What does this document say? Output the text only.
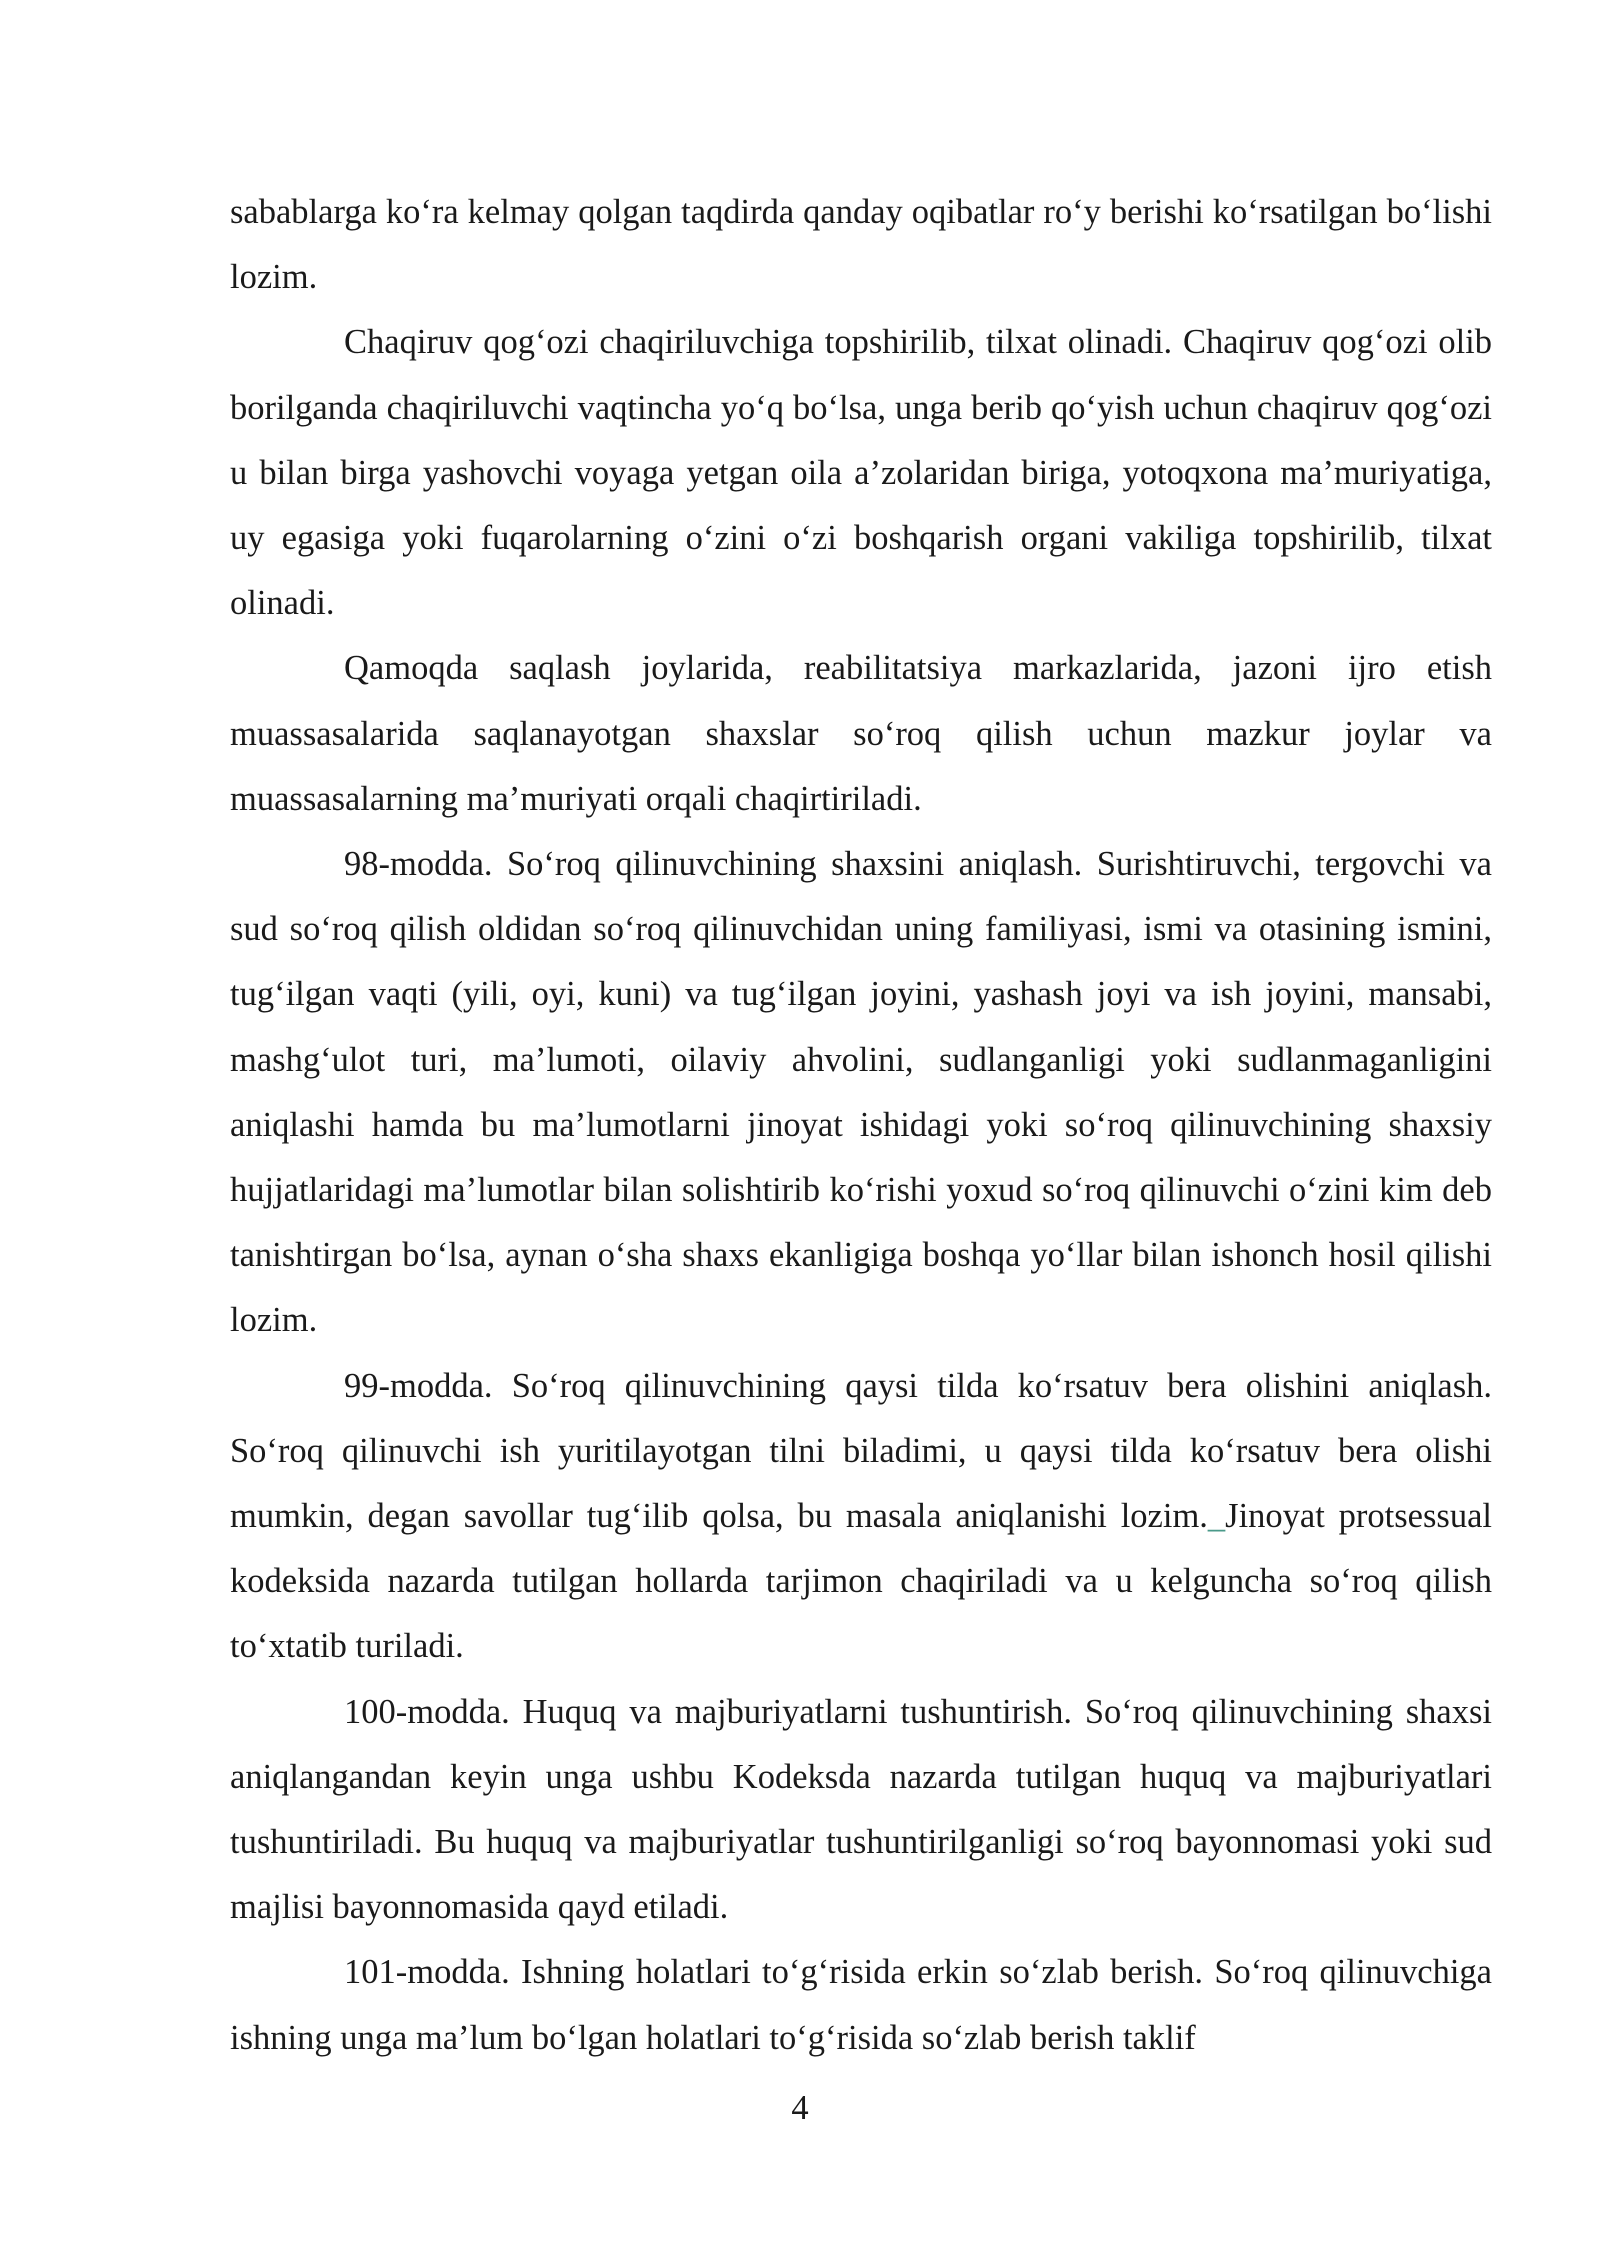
sabablarga ko‘ra kelmay qolgan taqdirda qanday oqibatlar ro‘y berishi ko‘rsatilgan bo‘lishi lozim.

Chaqiruv qog‘ozi chaqiriluvchiga topshirilib, tilxat olinadi. Chaqiruv qog‘ozi olib borilganda chaqiriluvchi vaqtincha yo‘q bo‘lsa, unga berib qo‘yish uchun chaqiruv qog‘ozi u bilan birga yashovchi voyaga yetgan oila a’zolaridan biriga, yotoqxona ma’muriyatiga, uy egasiga yoki fuqarolarning o‘zini o‘zi boshqarish organi vakiliga topshirilib, tilxat olinadi.

Qamoqda saqlash joylarida, reabilitatsiya markazlarida, jazoni ijro etish muassasalarida saqlanayotgan shaxslar so‘roq qilish uchun mazkur joylar va muassasalarning ma’muriyati orqali chaqirtiriladi.

98-modda. So‘roq qilinuvchining shaxsini aniqlash. Surishtiruvchi, tergovchi va sud so‘roq qilish oldidan so‘roq qilinuvchidan uning familiyasi, ismi va otasining ismini, tug‘ilgan vaqti (yili, oyi, kuni) va tug‘ilgan joyini, yashash joyi va ish joyini, mansabi, mashg‘ulot turi, ma’lumoti, oilaviy ahvolini, sudlanganligi yoki sudlanmaganligini aniqlashi hamda bu ma’lumotlarni jinoyat ishidagi yoki so‘roq qilinuvchining shaxsiy hujjatlaridagi ma’lumotlar bilan solishtirib ko‘rishi yoxud so‘roq qilinuvchi o‘zini kim deb tanishtirgan bo‘lsa, aynan o‘sha shaxs ekanligiga boshqa yo‘llar bilan ishonch hosil qilishi lozim.

99-modda. So‘roq qilinuvchining qaysi tilda ko‘rsatuv bera olishini aniqlash. So‘roq qilinuvchi ish yuritilayotgan tilni biladimi, u qaysi tilda ko‘rsatuv bera olishi mumkin, degan savollar tug‘ilib qolsa, bu masala aniqlanishi lozim._Jinoyat protsessual kodeksida nazarda tutilgan hollarda tarjimon chaqiriladi va u kelguncha so‘roq qilish to‘xtatib turiladi.

100-modda. Huquq va majburiyatlarni tushuntirish. So‘roq qilinuvchining shaxsi aniqlangandan keyin unga ushbu Kodeksda nazarda tutilgan huquq va majburiyatlari tushuntiriladi. Bu huquq va majburiyatlar tushuntirilganligi so‘roq bayonnomasi yoki sud majlisi bayonnomasida qayd etiladi.

101-modda. Ishning holatlari to‘g‘risida erkin so‘zlab berish. So‘roq qilinuvchiga ishning unga ma’lum bo‘lgan holatlari to‘g‘risida so‘zlab berish taklif

4
